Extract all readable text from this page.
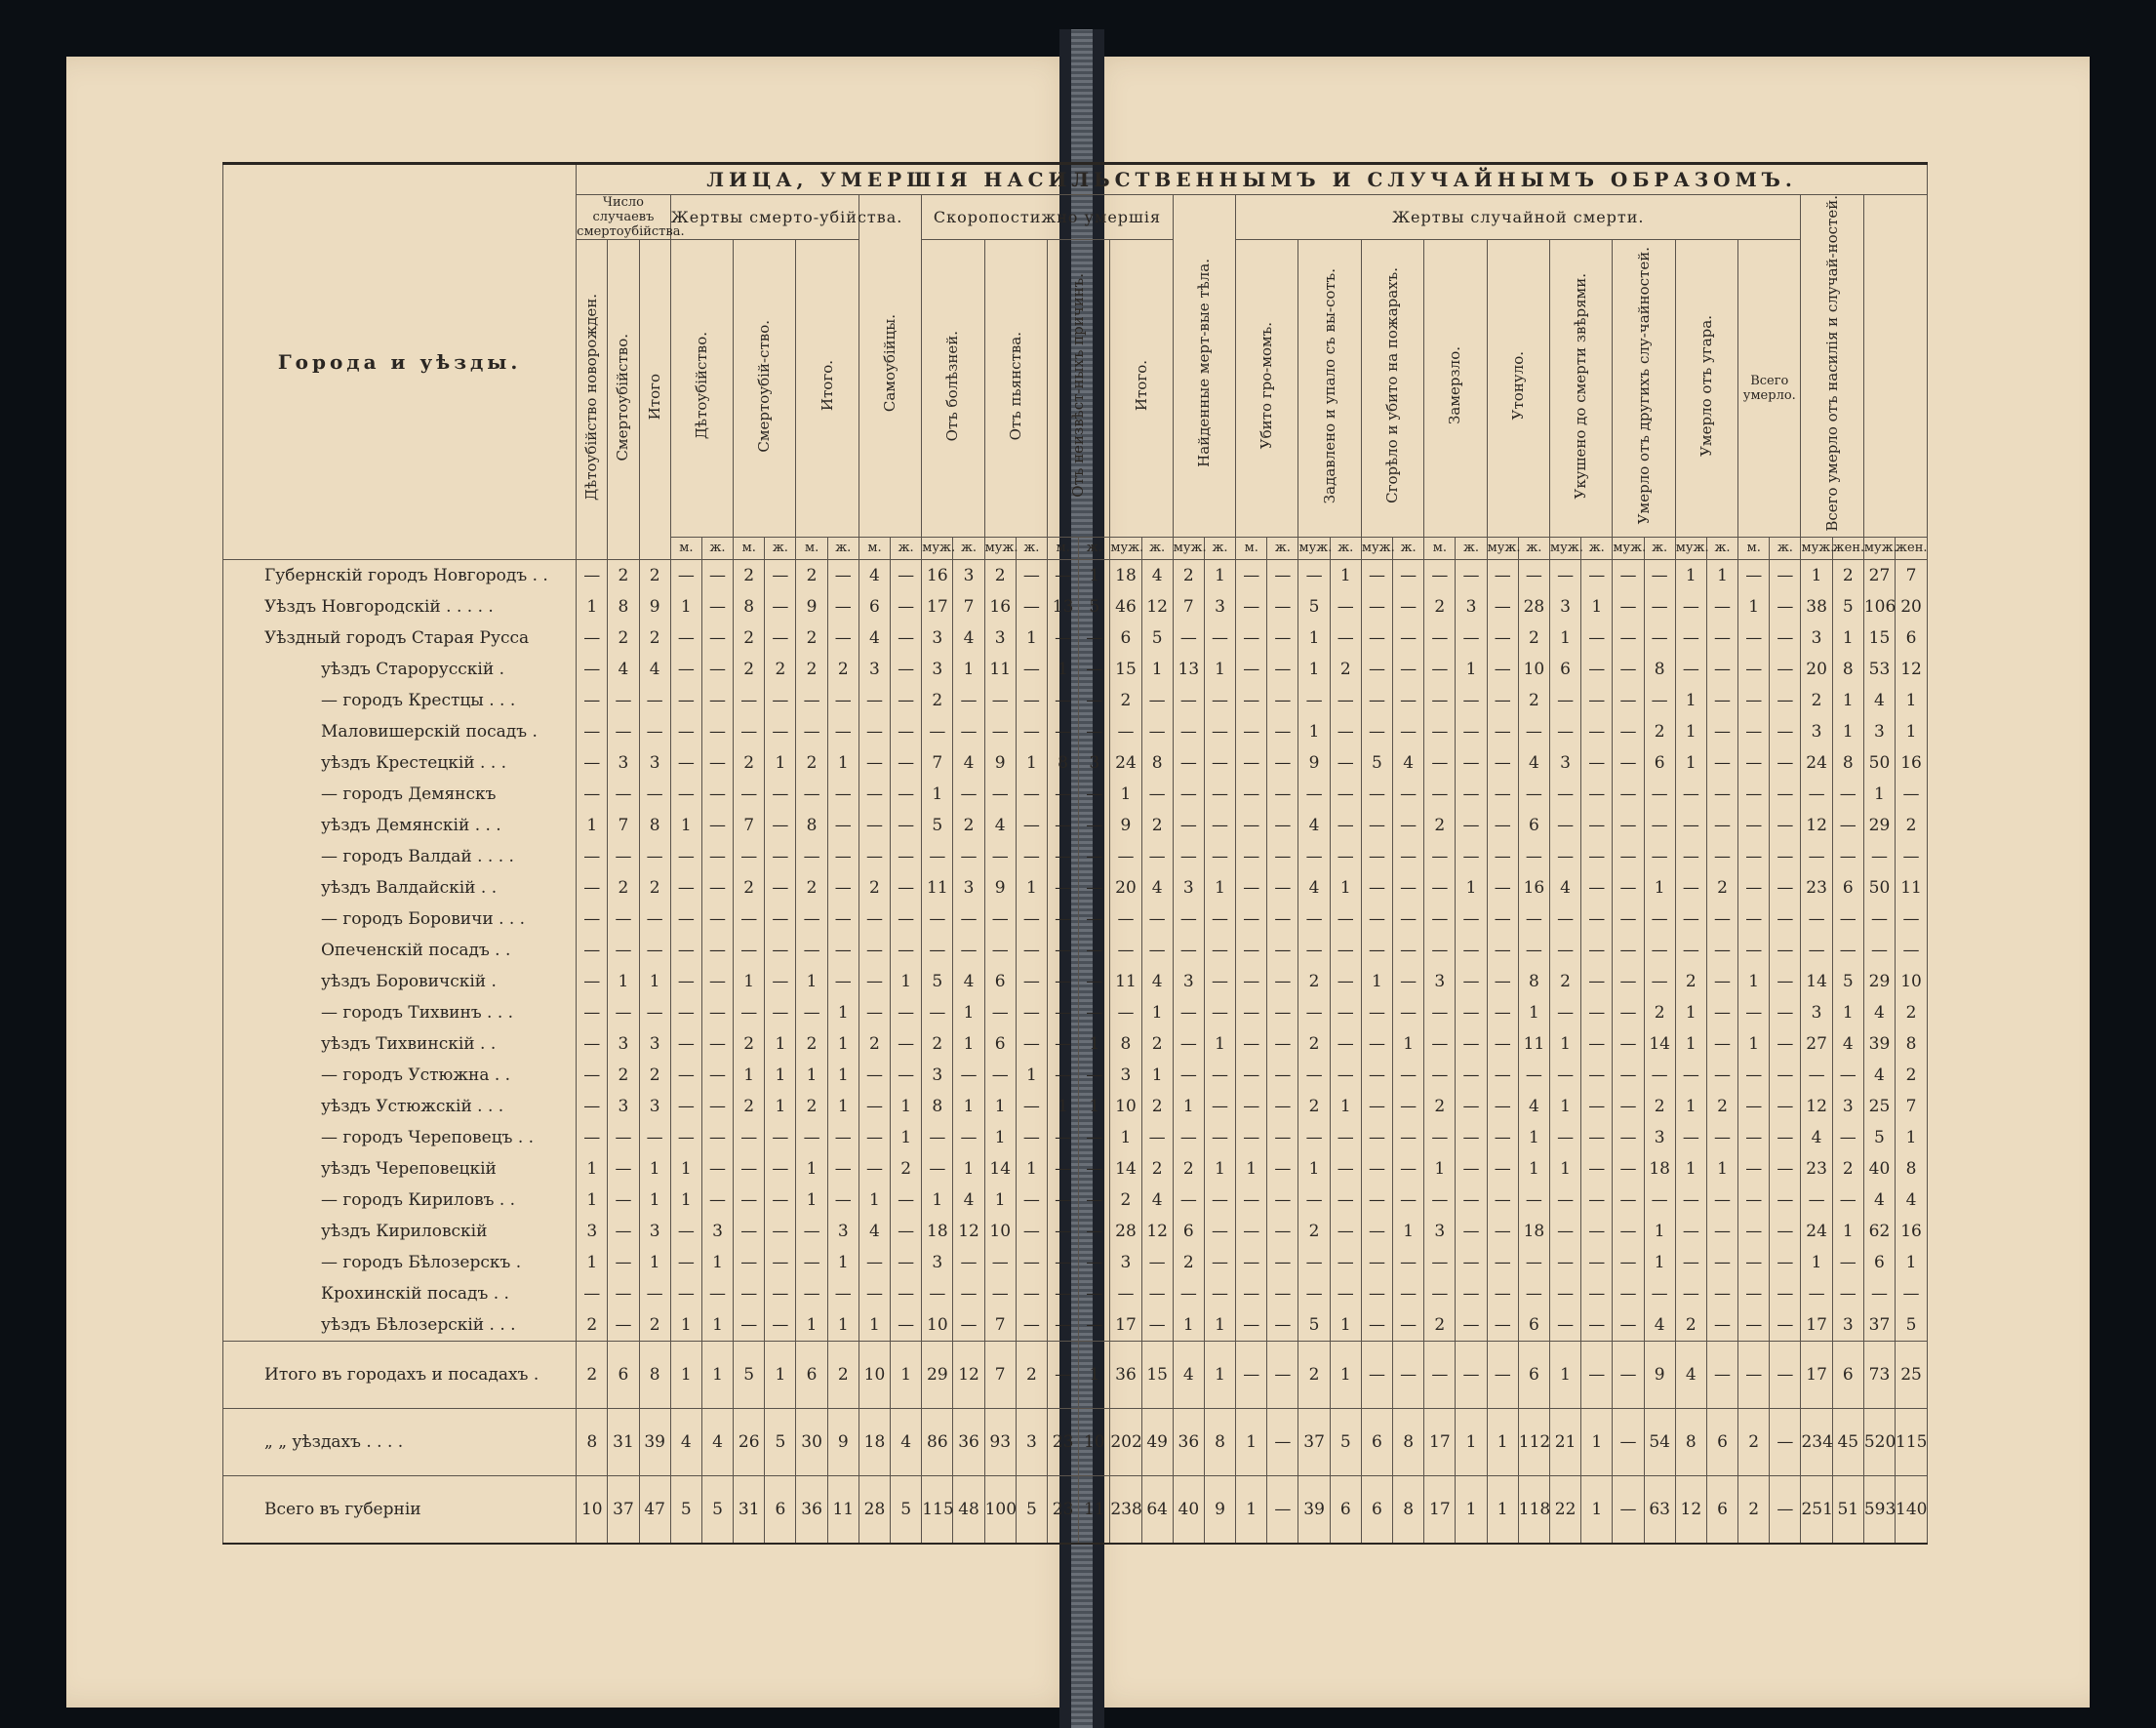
Города и уѣзды.	ЛИЦА, УМЕРШІЯ НАСИЛЬСТВЕННЫМЪ И СЛУЧАЙНЫМЪ ОБРАЗОМЪ.																																										
	Число случаевъ смертоубійства.			Жертвы смерто-убійства.						Самоубійцы.		Скоропостижно умершія								Найденные мерт-вые тѣла.		Жертвы случайной смерти.																		Всего умерло отъ насилія и случай-ностей.			
	Дѣтоубійство новорожден.	Смертоубійство.	Итого	Дѣтоубійство.		Смертоубій-ство.		Итого.				Отъ болѣзней.		Отъ пьянства.		Отъ неизвѣст-ныхъ причинъ.		Итого.				Убито гро-момъ.		Задавлено и упало съ вы-сотъ.		Сгорѣло и убито на пожарахъ.		Замерзло.		Утонуло.		Укушено до смерти звѣрями.		Умерло отъ другихъ слу-чайностей.		Умерло отъ угара.		Всего умерло.					
				м.	ж.	м.	ж.	м.	ж.	м.	ж.	муж.	ж.	муж.	ж.	м.	ж.	муж.	ж.	муж.	ж.	м.	ж.	муж.	ж.	муж.	ж.	м.	ж.	муж.	ж.	муж.	ж.	муж.	ж.	муж.	ж.	м.	ж.	муж.	жен.	муж.	жен.
Губернскій городъ Новгородъ . .	—	2	2	—	—	2	—	2	—	4	—	16	3	2	—	—	1	18	4	2	1	—	—	—	1	—	—	—	—	—	—	—	—	—	—	1	1	—	—	1	2	27	7
Уѣздъ Новгородскій . . . . .	1	8	9	1	—	8	—	9	—	6	—	17	7	16	—	13	5	46	12	7	3	—	—	5	—	—	—	2	3	—	28	3	1	—	—	—	—	1	—	38	5	106	20
Уѣздный городъ Старая Русса	—	2	2	—	—	2	—	2	—	4	—	3	4	3	1	—	—	6	5	—	—	—	—	1	—	—	—	—	—	—	2	1	—	—	—	—	—	—	—	3	1	15	6
уѣздъ Старорусскій .	—	4	4	—	—	2	2	2	2	3	—	3	1	11	—	1	—	15	1	13	1	—	—	1	2	—	—	—	1	—	10	6	—	—	8	—	—	—	—	20	8	53	12
— городъ Крестцы . . .	—	—	—	—	—	—	—	—	—	—	—	2	—	—	—	—	—	2	—	—	—	—	—	—	—	—	—	—	—	—	2	—	—	—	—	1	—	—	—	2	1	4	1
Маловишерскій посадъ .	—	—	—	—	—	—	—	—	—	—	—	—	—	—	—	—	—	—	—	—	—	—	—	1	—	—	—	—	—	—	—	—	—	—	2	1	—	—	—	3	1	3	1
уѣздъ Крестецкій . . .	—	3	3	—	—	2	1	2	1	—	—	7	4	9	1	8	3	24	8	—	—	—	—	9	—	5	4	—	—	—	4	3	—	—	6	1	—	—	—	24	8	50	16
— городъ Демянскъ	—	—	—	—	—	—	—	—	—	—	—	1	—	—	—	—	—	1	—	—	—	—	—	—	—	—	—	—	—	—	—	—	—	—	—	—	—	—	—	—	—	1	—
уѣздъ Демянскій . . .	1	7	8	1	—	7	—	8	—	—	—	5	2	4	—	—	—	9	2	—	—	—	—	4	—	—	—	2	—	—	6	—	—	—	—	—	—	—	—	12	—	29	2
— городъ Валдай . . . .	—	—	—	—	—	—	—	—	—	—	—	—	—	—	—	—	—	—	—	—	—	—	—	—	—	—	—	—	—	—	—	—	—	—	—	—	—	—	—	—	—	—	—
уѣздъ Валдайскій . .	—	2	2	—	—	2	—	2	—	2	—	11	3	9	1	—	—	20	4	3	1	—	—	4	1	—	—	—	1	—	16	4	—	—	1	—	2	—	—	23	6	50	11
— городъ Боровичи . . .	—	—	—	—	—	—	—	—	—	—	—	—	—	—	—	—	—	—	—	—	—	—	—	—	—	—	—	—	—	—	—	—	—	—	—	—	—	—	—	—	—	—	—
Опеченскій посадъ . .	—	—	—	—	—	—	—	—	—	—	—	—	—	—	—	—	—	—	—	—	—	—	—	—	—	—	—	—	—	—	—	—	—	—	—	—	—	—	—	—	—	—	—
уѣздъ Боровичскій .	—	1	1	—	—	1	—	1	—	—	1	5	4	6	—	—	—	11	4	3	—	—	—	2	—	1	—	3	—	—	8	2	—	—	—	2	—	1	—	14	5	29	10
— городъ Тихвинъ . . .	—	—	—	—	—	—	—	—	1	—	—	—	1	—	—	—	—	—	1	—	—	—	—	—	—	—	—	—	—	—	1	—	—	—	2	1	—	—	—	3	1	4	2
уѣздъ Тихвинскій . .	—	3	3	—	—	2	1	2	1	2	—	2	1	6	—	—	1	8	2	—	1	—	—	2	—	—	1	—	—	—	11	1	—	—	14	1	—	1	—	27	4	39	8
— городъ Устюжна . .	—	2	2	—	—	1	1	1	1	—	—	3	—	—	1	—	—	3	1	—	—	—	—	—	—	—	—	—	—	—	—	—	—	—	—	—	—	—	—	—	—	4	2
уѣздъ Устюжскій . . .	—	3	3	—	—	2	1	2	1	—	1	8	1	1	—	1	1	10	2	1	—	—	—	2	1	—	—	2	—	—	4	1	—	—	2	1	2	—	—	12	3	25	7
— городъ Череповецъ . .	—	—	—	—	—	—	—	—	—	—	1	—	—	1	—	—	—	1	—	—	—	—	—	—	—	—	—	—	—	—	1	—	—	—	3	—	—	—	—	4	—	5	1
уѣздъ Череповецкій	1	—	1	1	—	—	—	1	—	—	2	—	1	14	1	—	—	14	2	2	1	1	—	1	—	—	—	1	—	—	1	1	—	—	18	1	1	—	—	23	2	40	8
— городъ Кириловъ . .	1	—	1	1	—	—	—	1	—	1	—	1	4	1	—	—	—	2	4	—	—	—	—	—	—	—	—	—	—	—	—	—	—	—	—	—	—	—	—	—	—	4	4
уѣздъ Кириловскій	3	—	3	—	3	—	—	—	3	4	—	18	12	10	—	—	—	28	12	6	—	—	—	2	—	—	1	3	—	—	18	—	—	—	1	—	—	—	—	24	1	62	16
— городъ Бѣлозерскъ .	1	—	1	—	1	—	—	—	1	—	—	3	—	—	—	—	—	3	—	2	—	—	—	—	—	—	—	—	—	—	—	—	—	—	1	—	—	—	—	1	—	6	1
Крохинскій посадъ . .	—	—	—	—	—	—	—	—	—	—	—	—	—	—	—	—	—	—	—	—	—	—	—	—	—	—	—	—	—	—	—	—	—	—	—	—	—	—	—	—	—	—	—
уѣздъ Бѣлозерскій . . .	2	—	2	1	1	—	—	1	1	1	—	10	—	7	—	—	—	17	—	1	1	—	—	5	1	—	—	2	—	—	6	—	—	—	4	2	—	—	—	17	3	37	5
Итого въ городахъ и посадахъ .	2	6	8	1	1	5	1	6	2	10	1	29	12	7	2	—	1	36	15	4	1	—	—	2	1	—	—	—	—	—	6	1	—	—	9	4	—	—	—	17	6	73	25
„ „ уѣздахъ . . . .	8	31	39	4	4	26	5	30	9	18	4	86	36	93	3	23	10	202	49	36	8	1	—	37	5	6	8	17	1	1	112	21	1	—	54	8	6	2	—	234	45	520	115
Всего въ губерніи	10	37	47	5	5	31	6	36	11	28	5	115	48	100	5	23	11	238	64	40	9	1	—	39	6	6	8	17	1	1	118	22	1	—	63	12	6	2	—	251	51	593	140
